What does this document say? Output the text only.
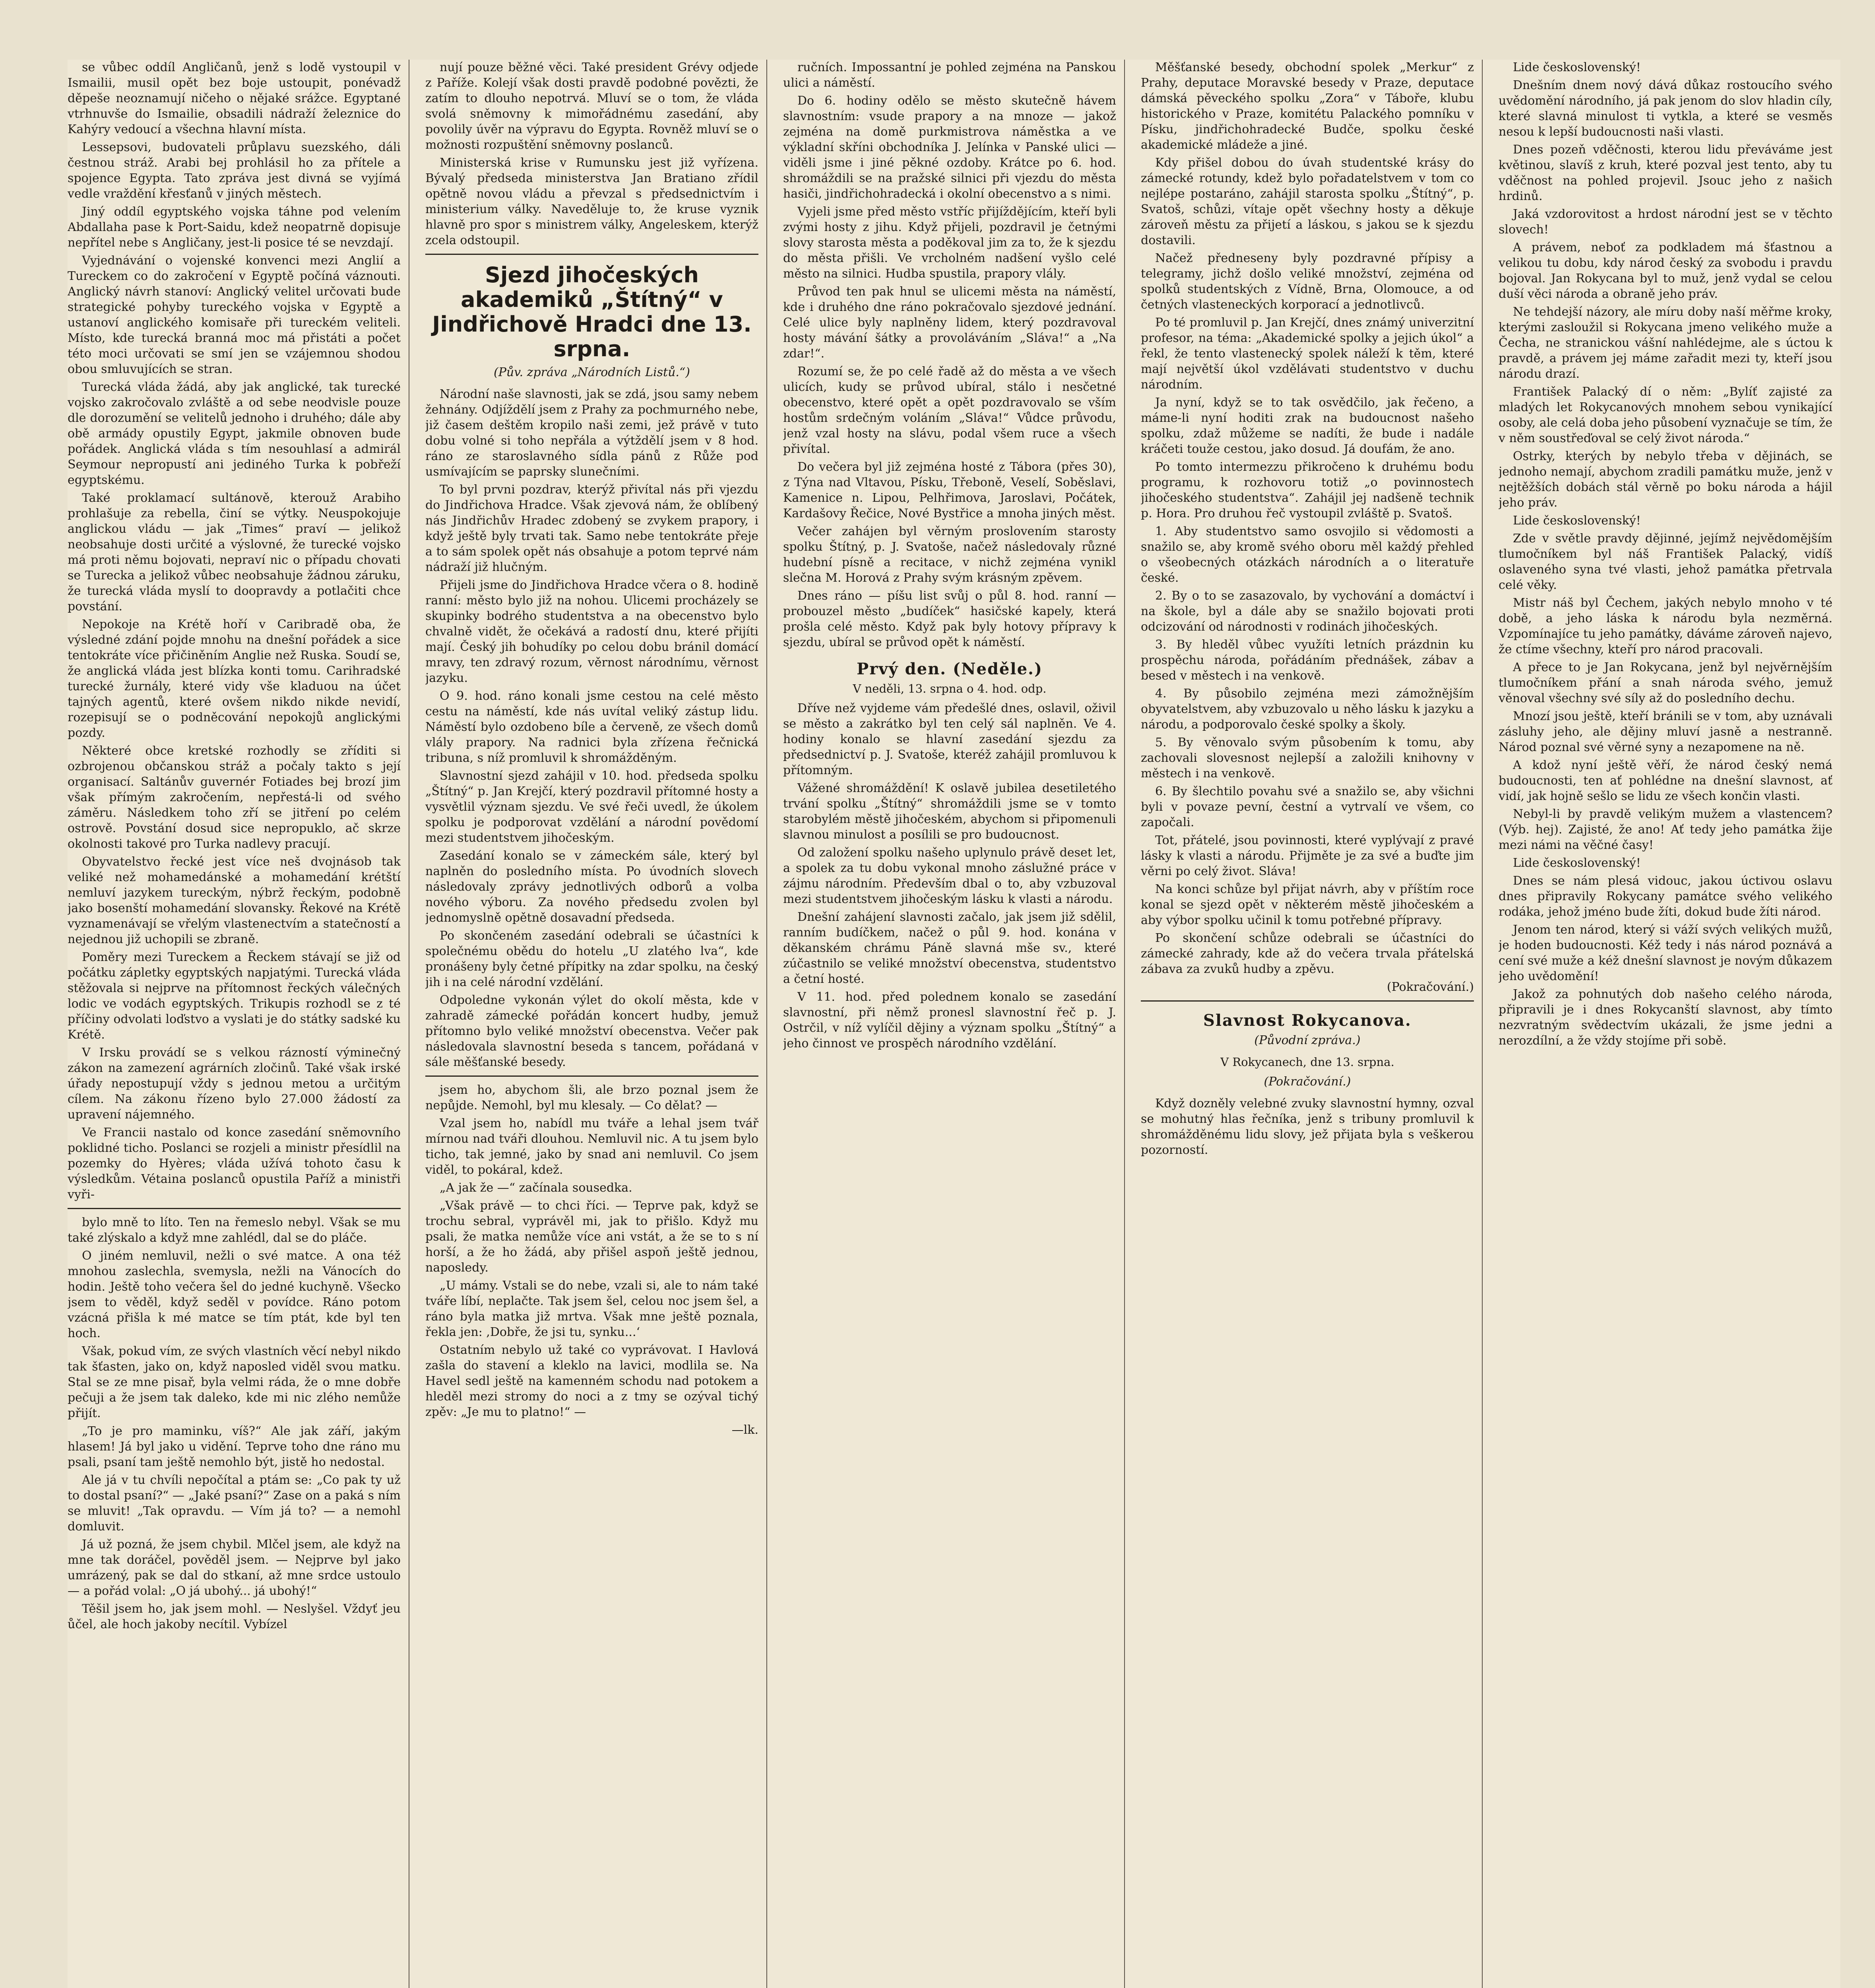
se vůbec oddíl Angličanů, jenž s lodě vystoupil v Ismailii, musil opět bez boje ustoupit, ponévadž děpeše neoznamují ničeho o nějaké srážce. Egyptané vtrhnuvše do Ismailie, obsadili nádraží železnice do Kahýry vedoucí a všechna hlavní místa.

Lessepsovi, budovateli průplavu suezského, dáli čestnou stráž. Arabi bej prohlásil ho za přítele a spojence Egypta. Tato zpráva jest divná se vyjímá vedle vraždění křesťanů v jiných městech.

Jiný oddíl egyptského vojska táhne pod velením Abdallaha pase k Port-Saidu, kdež neopatrně dopisuje nepřítel nebe s Angličany, jest-li posice té se nevzdají.

Vyjednávání o vojenské konvenci mezi Anglií a Tureckem co do zakročení v Egyptě počíná váznouti. Anglický návrh stanoví: Anglický velitel určovati bude strategické pohyby tureckého vojska v Egyptě a ustanoví anglického komisaře při tureckém veliteli. Místo, kde turecká branná moc má přistáti a počet této moci určovati se smí jen se vzájemnou shodou obou smluvujících se stran.

Turecká vláda žádá, aby jak anglické, tak turecké vojsko zakročovalo zvláště a od sebe neodvisle pouze dle dorozumění se velitelů jednoho i druhého; dále aby obě armády opustily Egypt, jakmile obnoven bude pořádek. Anglická vláda s tím nesouhlasí a admirál Seymour nepropustí ani jediného Turka k pobřeží egyptskému.

Také proklamací sultánově, kterouž Arabiho prohlašuje za rebella, činí se výtky. Neuspokojuje anglickou vládu — jak „Times“ praví — jelikož neobsahuje dosti určité a výslovné, že turecké vojsko má proti němu bojovati, nepraví nic o případu chovati se Turecka a jelikož vůbec neobsahuje žádnou záruku, že turecká vláda myslí to doopravdy a potlačiti chce povstání.

Nepokoje na Krétě hoří v Caribradě oba, že výsledné zdání pojde mnohu na dnešní pořádek a sice tentokráte více přičiněním Anglie než Ruska. Soudí se, že anglická vláda jest blízka konti tomu. Carihradské turecké žurnály, které vidy vše kladuou na účet tajných agentů, které ovšem nikdo nikde nevidí, rozepisují se o podněcování nepokojů anglickými pozdy.

Některé obce kretské rozhodly se zříditi si ozbrojenou občanskou stráž a počaly takto s její organisací. Saltánův guvernér Fotiades bej brozí jim však přímým zakročením, nepřestá-li od svého záměru. Následkem toho zří se jitření po celém ostrově. Povstání dosud sice nepropuklo, ač skrze okolnosti takové pro Turka nadlevy pracují.

Obyvatelstvo řecké jest více neš dvojnásob tak veliké než mohamedánské a mohamedání krétští nemluví jazykem tureckým, nýbrž řeckým, podobně jako bosenští mohamedání slovansky. Řekové na Krétě vyznamenávají se vřelým vlastenectvím a statečností a nejednou již uchopili se zbraně.

Poměry mezi Tureckem a Řeckem stávají se již od počátku zápletky egyptských napjatými. Turecká vláda stěžovala si nejprve na přítomnost řeckých válečných lodic ve vodách egyptských. Trikupis rozhodl se z té příčiny odvolati loďstvo a vyslati je do státky sadské ku Krétě.

V Irsku provádí se s velkou rázností výminečný zákon na zamezení agrárních zločinů. Také však irské úřady nepostupují vždy s jednou metou a určitým cílem. Na zákonu řízeno bylo 27.000 žádostí za upravení nájemného.

Ve Francii nastalo od konce zasedání sněmovního poklidné ticho. Poslanci se rozjeli a ministr přesídlil na pozemky do Hyères; vláda užívá tohoto času k výsledkům. Vétaina poslanců opustila Paříž a ministři vyři-

bylo mně to líto. Ten na řemeslo nebyl. Však se mu také zlýskalo a když mne zahlédl, dal se do pláče.

O jiném nemluvil, nežli o své matce. A ona též mnohou zaslechla, svemysla, nežli na Vánocích do hodin. Ještě toho večera šel do jedné kuchyně. Všecko jsem to věděl, když seděl v povídce. Ráno potom vzácná přišla k mé matce se tím ptát, kde byl ten hoch.

Však, pokud vím, ze svých vlastních věcí nebyl nikdo tak šťasten, jako on, když naposled viděl svou matku. Stal se ze mne pisař, byla velmi ráda, že o mne dobře pečuji a že jsem tak daleko, kde mi nic zlého nemůže přijít.

„To je pro maminku, víš?“ Ale jak září, jakým hlasem! Já byl jako u vidění. Teprve toho dne ráno mu psali, psaní tam ještě nemohlo být, jistě ho nedostal.

Ale já v tu chvíli nepočítal a ptám se: „Co pak ty už to dostal psaní?“ — „Jaké psaní?“ Zase on a paká s ním se mluvit! „Tak opravdu. — Vím já to? — a nemohl domluvit.

Já už pozná, že jsem chybil. Mlčel jsem, ale když na mne tak doráčel, pověděl jsem. — Nejprve byl jako umrázený, pak se dal do stkaní, až mne srdce ustoulo — a pořád volal: „O já ubohý... já ubohý!“

Těšil jsem ho, jak jsem mohl. — Neslyšel. Vždyť jeu ůčel, ale hoch jakoby necítil. Vybízel

nují pouze běžné věci. Také president Grévy odjede z Paříže. Kolejí však dosti pravdě podobné povězti, že zatím to dlouho nepotrvá. Mluví se o tom, že vláda svolá sněmovny k mimořádnému zasedání, aby povolily úvěr na výpravu do Egypta. Rovněž mluví se o možnosti rozpuštění sněmovny poslanců.

Ministerská krise v Rumunsku jest již vyřízena. Bývalý předseda ministerstva Jan Bratiano zřídil opětně novou vládu a převzal s předsednictvím i ministerium války. Naveděluje to, že kruse vyznik hlavně pro spor s ministrem války, Angeleskem, kterýž zcela odstoupil.

Sjezd jihočeských akademiků „Štítný“ v Jindřichově Hradci dne 13. srpna.
(Pův. zpráva „Národních Listů.“)

Národní naše slavnosti, jak se zdá, jsou samy nebem žehnány. Odjíždělí jsem z Prahy za pochmurného nebe, již časem deštěm kropilo naši zemi, jež právě v tuto dobu volné si toho nepřála a výtždělí jsem v 8 hod. ráno ze staroslavného sídla pánů z Růže pod usmívajícím se paprsky slunečními.

To byl prvni pozdrav, kterýž přivítal nás při vjezdu do Jindřichova Hradce. Však zjevová nám, že oblíbený nás Jindřichův Hradec zdobený se zvykem prapory, i když ještě byly trvati tak. Samo nebe tentokráte přeje a to sám spolek opět nás obsahuje a potom teprvé nám nádraží již hlučným.

Přijeli jsme do Jindřichova Hradce včera o 8. hodině ranní: město bylo již na nohou. Ulicemi procházely se skupinky bodrého studentstva a na obecenstvo bylo chvalně vidět, že očekává a radostí dnu, které přijíti mají. Český jih bohudíky po celou dobu bránil domácí mravy, ten zdravý rozum, věrnost národnímu, věrnost jazyku.

O 9. hod. ráno konali jsme cestou na celé město cestu na náměstí, kde nás uvítal veliký zástup lidu. Náměstí bylo ozdobeno bíle a červeně, ze všech domů vlály prapory. Na radnici byla zřízena řečnická tribuna, s níž promluvil k shromážděným.

Slavnostní sjezd zahájil v 10. hod. předseda spolku „Štítný“ p. Jan Krejčí, který pozdravil přítomné hosty a vysvětlil význam sjezdu. Ve své řeči uvedl, že úkolem spolku je podporovat vzdělání a národní povědomí mezi studentstvem jihočeským.

Zasedání konalo se v zámeckém sále, který byl naplněn do posledního místa. Po úvodních slovech následovaly zprávy jednotlivých odborů a volba nového výboru. Za nového předsedu zvolen byl jednomyslně opětně dosavadní předseda.

Po skončeném zasedání odebrali se účastníci k společnému obědu do hotelu „U zlatého lva“, kde pronášeny byly četné přípitky na zdar spolku, na český jih i na celé národní vzdělání.

Odpoledne vykonán výlet do okolí města, kde v zahradě zámecké pořádán koncert hudby, jemuž přítomno bylo veliké množství obecenstva. Večer pak následovala slavnostní beseda s tancem, pořádaná v sále měšťanské besedy.

jsem ho, abychom šli, ale brzo poznal jsem že nepůjde. Nemohl, byl mu klesaly. — Co dělat? —

Vzal jsem ho, nabídl mu tváře a lehal jsem tvář mírnou nad tváři dlouhou. Nemluvil nic. A tu jsem bylo ticho, tak jemné, jako by snad ani nemluvil. Co jsem viděl, to pokáral, kdež.

„A jak že —“ začínala sousedka.

„Však právě — to chci říci. — Teprve pak, když se trochu sebral, vyprávěl mi, jak to přišlo. Když mu psali, že matka nemůže více ani vstát, a že se to s ní horší, a že ho žádá, aby přišel aspoň ještě jednou, naposledy.

„U mámy. Vstali se do nebe, vzali si, ale to nám také tváře líbí, neplačte. Tak jsem šel, celou noc jsem šel, a ráno byla matka již mrtva. Však mne ještě poznala, řekla jen: ,Dobře, že jsi tu, synku...‘

Ostatním nebylo už také co vyprávovat. I Havlová zašla do stavení a kleklo na lavici, modlila se. Na Havel sedl ještě na kamenném schodu nad potokem a hleděl mezi stromy do noci a z tmy se ozýval tichý zpěv: „Je mu to platno!“ —

—lk.

ručních. Impossantní je pohled zejména na Panskou ulici a náměstí.

Do 6. hodiny odělo se město skutečně hávem slavnostním: vsude prapory a na mnoze — jakož zejména na domě purkmistrova náměstka a ve výkladní skříni obchodníka J. Jelínka v Panské ulici — viděli jsme i jiné pěkné ozdoby. Krátce po 6. hod. shromáždili se na pražské silnici při vjezdu do města hasiči, jindřichohradecká i okolní obecenstvo a s nimi.

Vyjeli jsme před město vstříc přijíždějícím, kteří byli zvými hosty z jihu. Když přijeli, pozdravil je četnými slovy starosta města a poděkoval jim za to, že k sjezdu do města přišli. Ve vrcholném nadšení vyšlo celé město na silnici. Hudba spustila, prapory vlály.

Průvod ten pak hnul se ulicemi města na náměstí, kde i druhého dne ráno pokračovalo sjezdové jednání. Celé ulice byly naplněny lidem, který pozdravoval hosty mávání šátky a provoláváním „Sláva!“ a „Na zdar!“.

Rozumí se, že po celé řadě až do města a ve všech ulicích, kudy se průvod ubíral, stálo i nesčetné obecenstvo, které opět a opět pozdravovalo se vším hostům srdečným voláním „Sláva!“ Vůdce průvodu, jenž vzal hosty na slávu, podal všem ruce a všech přivítal.

Do večera byl již zejména hosté z Tábora (přes 30), z Týna nad Vltavou, Písku, Třeboně, Veselí, Soběslavi, Kamenice n. Lipou, Pelhřimova, Jaroslavi, Počátek, Kardašovy Řečice, Nové Bystřice a mnoha jiných měst.

Večer zahájen byl věrným proslovením starosty spolku Štítný, p. J. Svatoše, načež následovaly různé hudební písně a recitace, v nichž zejména vynikl slečna M. Horová z Prahy svým krásným zpěvem.

Dnes ráno — píšu list svůj o půl 8. hod. ranní — probouzel město „budíček“ hasičské kapely, která prošla celé město. Když pak byly hotovy přípravy k sjezdu, ubíral se průvod opět k náměstí.

Prvý den. (Neděle.)
V neděli, 13. srpna o 4. hod. odp.

Dříve než vyjdeme vám předešlé dnes, oslavil, oživil se město a zakrátko byl ten celý sál naplněn. Ve 4. hodiny konalo se hlavní zasedání sjezdu za předsednictví p. J. Svatoše, kteréž zahájil promluvou k přítomným.

Vážené shromáždění! K oslavě jubilea desetiletého trvání spolku „Štítný“ shromáždili jsme se v tomto starobylém městě jihočeském, abychom si připomenuli slavnou minulost a posílili se pro budoucnost.

Od založení spolku našeho uplynulo právě deset let, a spolek za tu dobu vykonal mnoho záslužné práce v zájmu národním. Především dbal o to, aby vzbuzoval mezi studentstvem jihočeským lásku k vlasti a národu.

Dnešní zahájení slavnosti začalo, jak jsem již sdělil, ranním budíčkem, načež o půl 9. hod. konána v děkanském chrámu Páně slavná mše sv., které zúčastnilo se veliké množství obecenstva, studentstvo a četní hosté.

V 11. hod. před polednem konalo se zasedání slavnostní, při němž pronesl slavnostní řeč p. J. Ostrčil, v níž vylíčil dějiny a význam spolku „Štítný“ a jeho činnost ve prospěch národního vzdělání.

Měšťanské besedy, obchodní spolek „Merkur“ z Prahy, deputace Moravské besedy v Praze, deputace dámská pěveckého spolku „Zora“ v Táboře, klubu historického v Praze, komitétu Palackého pomníku v Písku, jindřichohradecké Budče, spolku české akademické mládeže a jiné.

Kdy přišel dobou do úvah studentské krásy do zámecké rotundy, kdež bylo pořadatelstvem v tom co nejlépe postaráno, zahájil starosta spolku „Štítný“, p. Svatoš, schůzi, vítaje opět všechny hosty a děkuje zároveň městu za přijetí a láskou, s jakou se k sjezdu dostavili.

Načež předneseny byly pozdravné přípisy a telegramy, jichž došlo veliké množství, zejména od spolků studentských z Vídně, Brna, Olomouce, a od četných vlasteneckých korporací a jednotlivců.

Po té promluvil p. Jan Krejčí, dnes známý univerzitní profesor, na téma: „Akademické spolky a jejich úkol“ a řekl, že tento vlastenecký spolek náleží k těm, které mají největší úkol vzdělávati studentstvo v duchu národním.

Ja nyní, když se to tak osvědčilo, jak řečeno, a máme-li nyní hoditi zrak na budoucnost našeho spolku, zdaž můžeme se nadíti, že bude i nadále kráčeti touže cestou, jako dosud. Já doufám, že ano.

Po tomto intermezzu přikročeno k druhému bodu programu, k rozhovoru totiž „o povinnostech jihočeského studentstva“. Zahájil jej nadšeně technik p. Hora. Pro druhou řeč vystoupil zvláště p. Svatoš.

1. Aby studentstvo samo osvojilo si vědomosti a snažilo se, aby kromě svého oboru měl každý přehled o všeobecných otázkách národních a o literatuře české.

2. By o to se zasazovalo, by vychování a domáctví i na škole, byl a dále aby se snažilo bojovati proti odcizování od národnosti v rodinách jihočeských.

3. By hleděl vůbec využíti letních prázdnin ku prospěchu národa, pořádáním přednášek, zábav a besed v městech i na venkově.

4. By působilo zejména mezi zámožnějším obyvatelstvem, aby vzbuzovalo u něho lásku k jazyku a národu, a podporovalo české spolky a školy.

5. By věnovalo svým působením k tomu, aby zachovali slovesnost nejlepší a založili knihovny v městech i na venkově.

6. By šlechtilo povahu své a snažilo se, aby všichni byli v povaze pevní, čestní a vytrvalí ve všem, co započali.

Tot, přátelé, jsou povinnosti, které vyplývají z pravé lásky k vlasti a národu. Přijměte je za své a buďte jim věrni po celý život. Sláva!

Na konci schůze byl přijat návrh, aby v příštím roce konal se sjezd opět v některém městě jihočeském a aby výbor spolku učinil k tomu potřebné přípravy.

Po skončení schůze odebrali se účastníci do zámecké zahrady, kde až do večera trvala přátelská zábava za zvuků hudby a zpěvu.

(Pokračování.)
Slavnost Rokycanova.
(Původní zpráva.)
V Rokycanech, dne 13. srpna.
(Pokračování.)

Když dozněly velebné zvuky slavnostní hymny, ozval se mohutný hlas řečníka, jenž s tribuny promluvil k shromážděnému lidu slovy, jež přijata byla s veškerou pozorností.

Lide československý!

Dnešním dnem nový dává důkaz rostoucího svého uvědomění národního, já pak jenom do slov hladin cíly, které slavná minulost ti vytkla, a které se vesměs nesou k lepší budoucnosti naši vlasti.

Dnes pozeň vděčnosti, kterou lidu převáváme jest květinou, slavíš z kruh, které pozval jest tento, aby tu vděčnost na pohled projevil. Jsouc jeho z našich hrdinů.

Jaká vzdorovitost a hrdost národní jest se v těchto slovech!

A právem, neboť za podkladem má šťastnou a velikou tu dobu, kdy národ český za svobodu i pravdu bojoval. Jan Rokycana byl to muž, jenž vydal se celou duší věci národa a obraně jeho práv.

Ne tehdejší názory, ale míru doby naší měřme kroky, kterými zasloužil si Rokycana jmeno velikého muže a Čecha, ne stranickou vášní nahlédejme, ale s úctou k pravdě, a právem jej máme zařadit mezi ty, kteří jsou národu drazí.

František Palacký dí o něm: „Bylíť zajisté za mladých let Rokycanových mnohem sebou vynikající osoby, ale celá doba jeho působení vyznačuje se tím, že v něm soustřeďoval se celý život národa.“

Ostrky, kterých by nebylo třeba v dějinách, se jednoho nemají, abychom zradili památku muže, jenž v nejtěžších dobách stál věrně po boku národa a hájil jeho práv.

Lide československý!

Zde v světle pravdy dějinné, jejímž nejvědomějším tlumočníkem byl náš František Palacký, vidíš oslaveného syna tvé vlasti, jehož památka přetrvala celé věky.

Mistr náš byl Čechem, jakých nebylo mnoho v té době, a jeho láska k národu byla nezměrná. Vzpomínajíce tu jeho památky, dáváme zároveň najevo, že ctíme všechny, kteří pro národ pracovali.

A přece to je Jan Rokycana, jenž byl nejvěrnějším tlumočníkem přání a snah národa svého, jemuž věnoval všechny své síly až do posledního dechu.

Mnozí jsou ještě, kteří bránili se v tom, aby uznávali zásluhy jeho, ale dějiny mluví jasně a nestranně. Národ poznal své věrné syny a nezapomene na ně.

A kdož nyní ještě věří, že národ český nemá budoucnosti, ten ať pohlédne na dnešní slavnost, ať vidí, jak hojně sešlo se lidu ze všech končin vlasti.

Nebyl-li by pravdě velikým mužem a vlastencem? (Výb. hej). Zajisté, že ano! Ať tedy jeho památka žije mezi námi na věčné časy!

Lide československý!

Dnes se nám plesá vidouc, jakou úctivou oslavu dnes připravily Rokycany památce svého velikého rodáka, jehož jméno bude žíti, dokud bude žíti národ.

Jenom ten národ, který si váží svých velikých mužů, je hoden budoucnosti. Kéž tedy i nás národ poznává a cení své muže a kéž dnešní slavnost je novým důkazem jeho uvědomění!

Jakož za pohnutých dob našeho celého národa, připravili je i dnes Rokycanští slavnost, aby tímto nezvratným svědectvím ukázali, že jsme jedni a nerozdílní, a že vždy stojíme při sobě.
